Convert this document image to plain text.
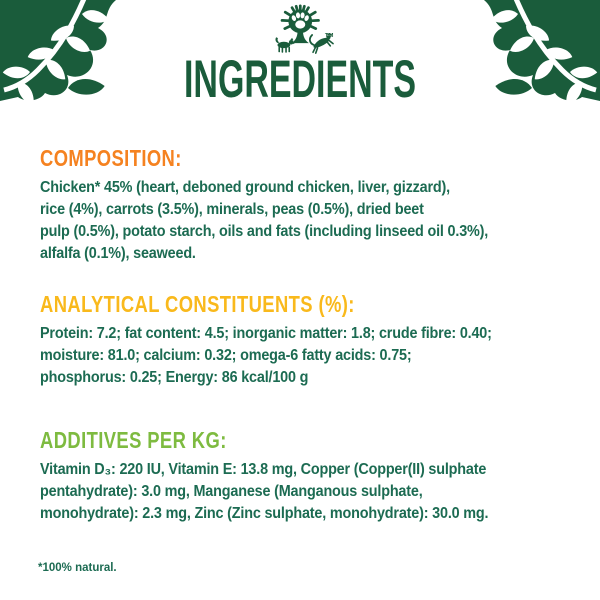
TM
INGREDIENTS
COMPOSITION:
Chicken* 45% (heart, deboned ground chicken, liver, gizzard),
rice (4%), carrots (3.5%), minerals, peas (0.5%), dried beet
pulp (0.5%), potato starch, oils and fats (including linseed oil 0.3%),
alfalfa (0.1%), seaweed.
ANALYTICAL CONSTITUENTS (%):
Protein: 7.2; fat content: 4.5; inorganic matter: 1.8; crude fibre: 0.40;
moisture: 81.0; calcium: 0.32; omega-6 fatty acids: 0.75;
phosphorus: 0.25; Energy: 86 kcal/100 g
ADDITIVES PER KG:
Vitamin D₃: 220 IU, Vitamin E: 13.8 mg, Copper (Copper(II) sulphate
pentahydrate): 3.0 mg, Manganese (Manganous sulphate,
monohydrate): 2.3 mg, Zinc (Zinc sulphate, monohydrate): 30.0 mg.
*100% natural.
